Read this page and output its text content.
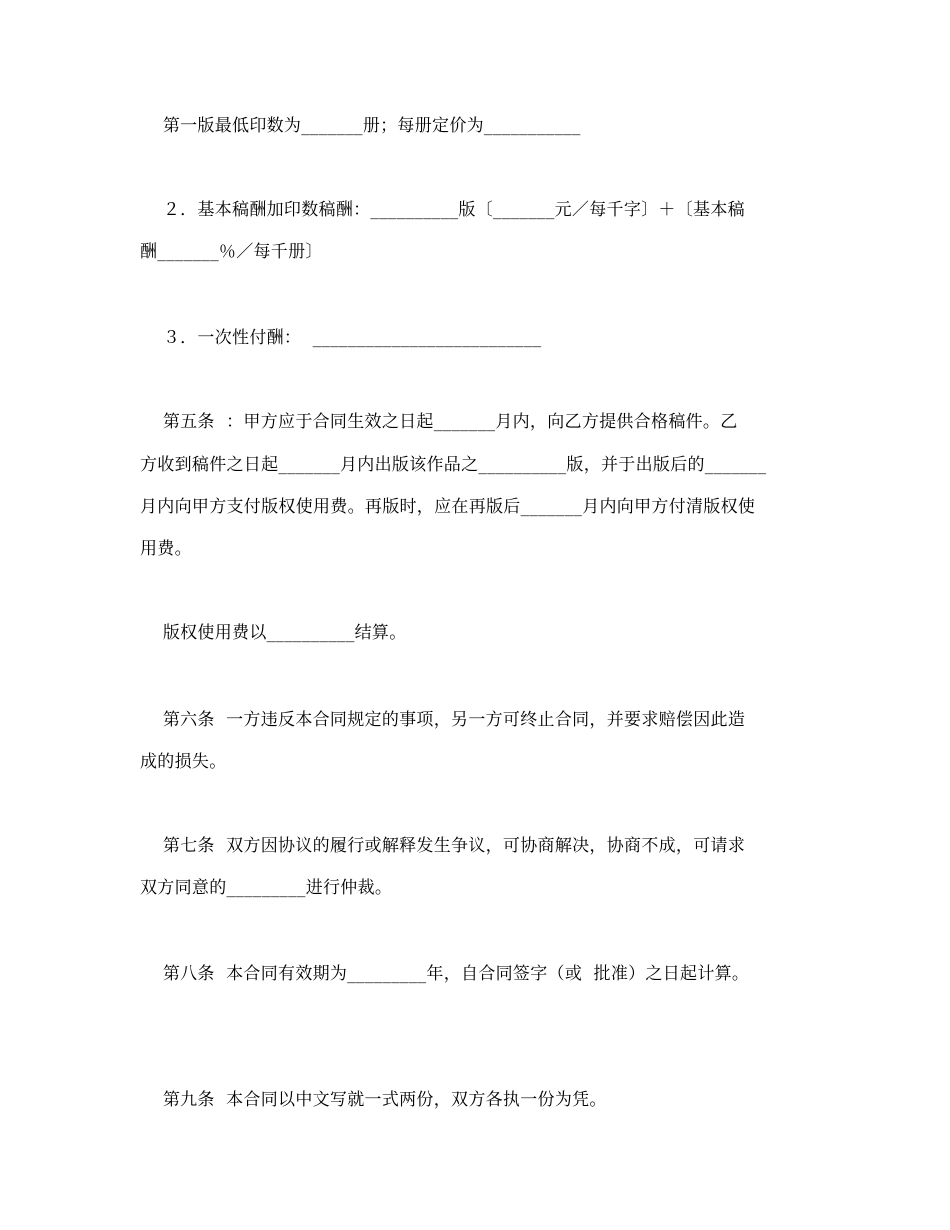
第一版最低印数为_______册；每册定价为___________
２．基本稿酬加印数稿酬：__________版〔_______元／每千字〕＋〔基本稿
酬_______％／每千册〕
３．一次性付酬：  __________________________
第五条  ：甲方应于合同生效之日起_______月内，向乙方提供合格稿件。乙
方收到稿件之日起_______月内出版该作品之__________版，并于出版后的_______
月内向甲方支付版权使用费。再版时，应在再版后_______月内向甲方付清版权使
用费。
版权使用费以__________结算。
第六条  一方违反本合同规定的事项，另一方可终止合同，并要求赔偿因此造
成的损失。
第七条  双方因协议的履行或解释发生争议，可协商解决，协商不成，可请求
双方同意的_________进行仲裁。
第八条  本合同有效期为_________年，自合同签字（或  批准）之日起计算。
第九条  本合同以中文写就一式两份，双方各执一份为凭。
